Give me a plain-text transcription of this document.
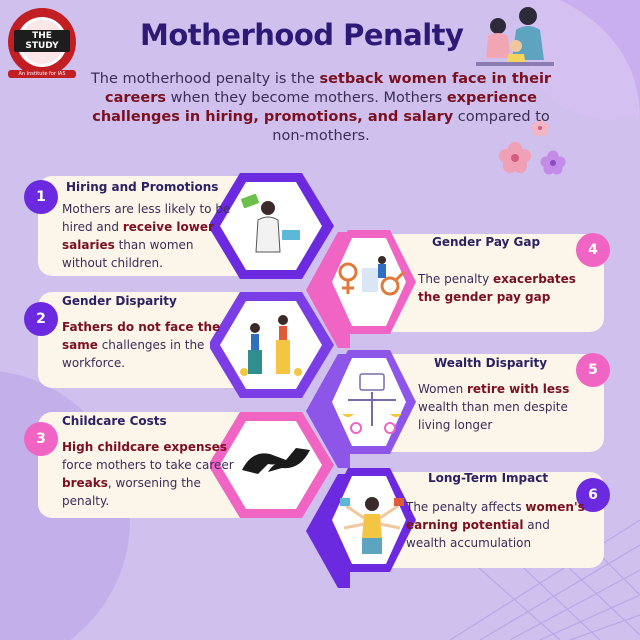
THE STUDY
An Institute for IAS
Motherhood Penalty

The motherhood penalty is the setback women face in their careers when they become mothers. Mothers experience challenges in hiring, promotions, and salary compared to non-mothers.

1
2
3
4
5
6
Hiring and Promotions
Mothers are less likely to be hired and receive lower salaries than women without children.
Gender Disparity
Fathers do not face the same challenges in the workforce.
Childcare Costs
High childcare expenses force mothers to take career breaks, worsening the penalty.
Gender Pay Gap
The penalty exacerbates the gender pay gap
Wealth Disparity
Women retire with less wealth than men despite living longer
Long-Term Impact
The penalty affects women's earning potential and wealth accumulation
